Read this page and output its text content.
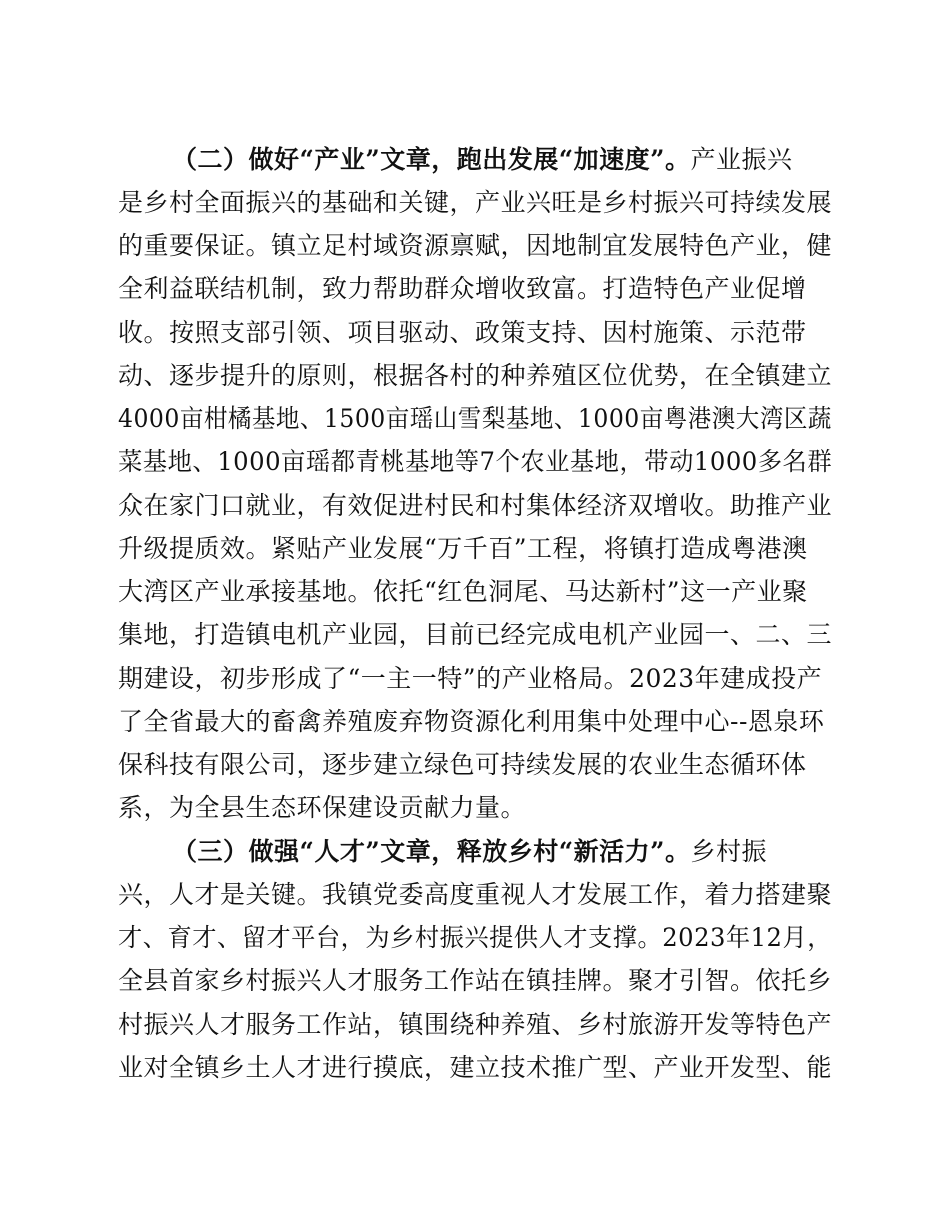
（二）做好“产业”文章，跑出发展“加速度”。产业振兴
是乡村全面振兴的基础和关键，产业兴旺是乡村振兴可持续发展
的重要保证。镇立足村域资源禀赋，因地制宜发展特色产业，健
全利益联结机制，致力帮助群众增收致富。打造特色产业促增
收。按照支部引领、项目驱动、政策支持、因村施策、示范带
动、逐步提升的原则，根据各村的种养殖区位优势，在全镇建立
4000亩柑橘基地、1500亩瑶山雪梨基地、1000亩粤港澳大湾区蔬
菜基地、1000亩瑶都青桃基地等7个农业基地，带动1000多名群
众在家门口就业，有效促进村民和村集体经济双增收。助推产业
升级提质效。紧贴产业发展“万千百”工程，将镇打造成粤港澳
大湾区产业承接基地。依托“红色洞尾、马达新村”这一产业聚
集地，打造镇电机产业园，目前已经完成电机产业园一、二、三
期建设，初步形成了“一主一特”的产业格局。2023年建成投产
了全省最大的畜禽养殖废弃物资源化利用集中处理中心--恩泉环
保科技有限公司，逐步建立绿色可持续发展的农业生态循环体
系，为全县生态环保建设贡献力量。
（三）做强“人才”文章，释放乡村“新活力”。乡村振
兴，人才是关键。我镇党委高度重视人才发展工作，着力搭建聚
才、育才、留才平台，为乡村振兴提供人才支撑。2023年12月，
全县首家乡村振兴人才服务工作站在镇挂牌。聚才引智。依托乡
村振兴人才服务工作站，镇围绕种养殖、乡村旅游开发等特色产
业对全镇乡土人才进行摸底，建立技术推广型、产业开发型、能
